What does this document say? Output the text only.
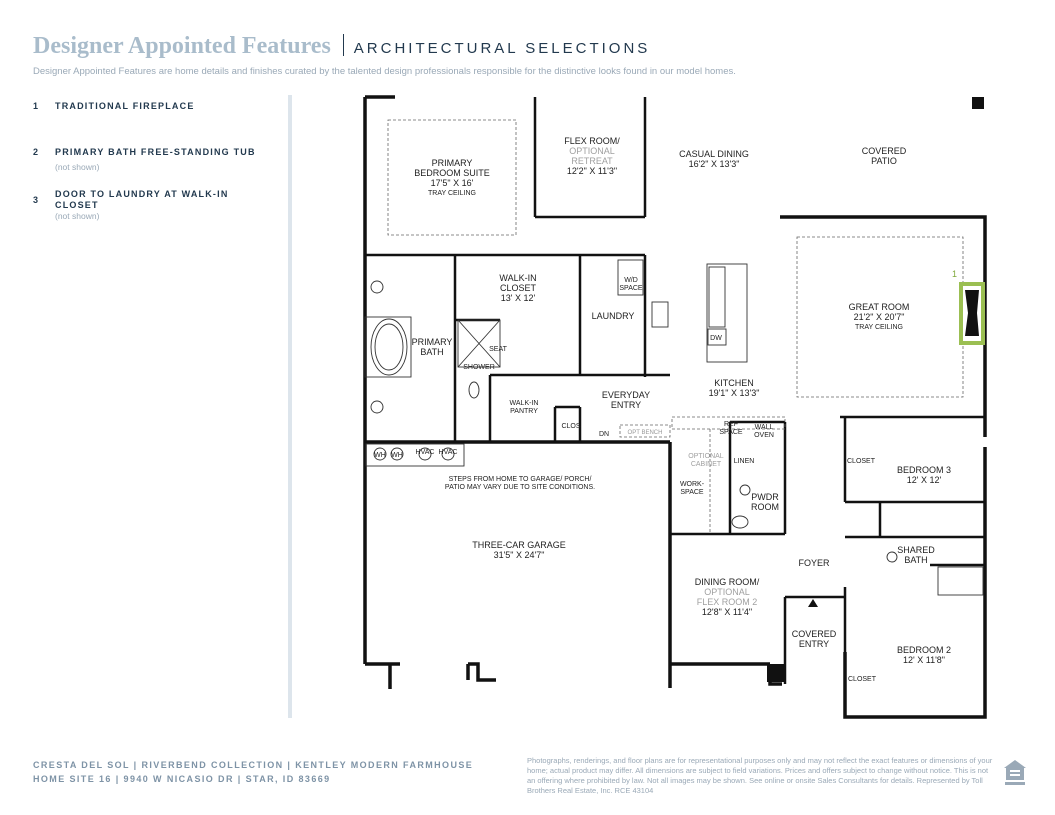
Designer Appointed Features ARCHITECTURAL SELECTIONS
Designer Appointed Features are home details and finishes curated by the talented design professionals responsible for the distinctive looks found in our model homes.
1 TRADITIONAL FIREPLACE
2 PRIMARY BATH FREE-STANDING TUB
(not shown)
3
DOOR TO LAUNDRY AT WALK-IN CLOSET
(not shown)
PRIMARY
BEDROOM SUITE
17'5" X 16'
TRAY CEILING
FLEX ROOM/
OPTIONAL
RETREAT
12'2" X 11'3"
CASUAL DINING
16'2" X 13'3"
COVERED
PATIO
WALK-IN
CLOSET
13' X 12'
W/D
SPACE
LAUNDRY
GREAT ROOM
21'2" X 20'7"
TRAY CEILING
1
PRIMARY
BATH	SEAT
SHOWER
DW
WALK-IN
PANTRY
EVERYDAY
ENTRY
KITCHEN
19'1" X 13'3"
CLOS
DN	OPT BENCH
REF
SPACE
WALL
OVEN
CLOSET
BEDROOM 3
12' X 12'
WH WH HVAC HVAC
OPTIONAL
CABINET LINEN
WORK-
SPACE	PWDR
ROOM
STEPS FROM HOME TO GARAGE/ PORCH/
PATIO MAY VARY DUE TO SITE CONDITIONS.
THREE-CAR GARAGE
31'5" X 24'7"	SHARED
BATH
FOYER
DINING ROOM/
OPTIONAL
FLEX ROOM 2
12'8" X 11'4"
COVERED
ENTRY
BEDROOM 2
12' X 11'8"
CLOSET
CRESTA DEL SOL | RIVERBEND COLLECTION | KENTLEY MODERN FARMHOUSE
HOME SITE 16 | 9940 W NICASIO DR | STAR, ID 83669
Photographs, renderings, and floor plans are for representational purposes only and may not reflect the exact features or dimensions of your home; actual product may differ. All dimensions are subject to field variations. Prices and offers subject to change without notice. This is not an offering where prohibited by law. Not all images may be shown. See online or onsite Sales Consultants for details. Represented by Toll Brothers Real Estate, Inc. RCE 43104
